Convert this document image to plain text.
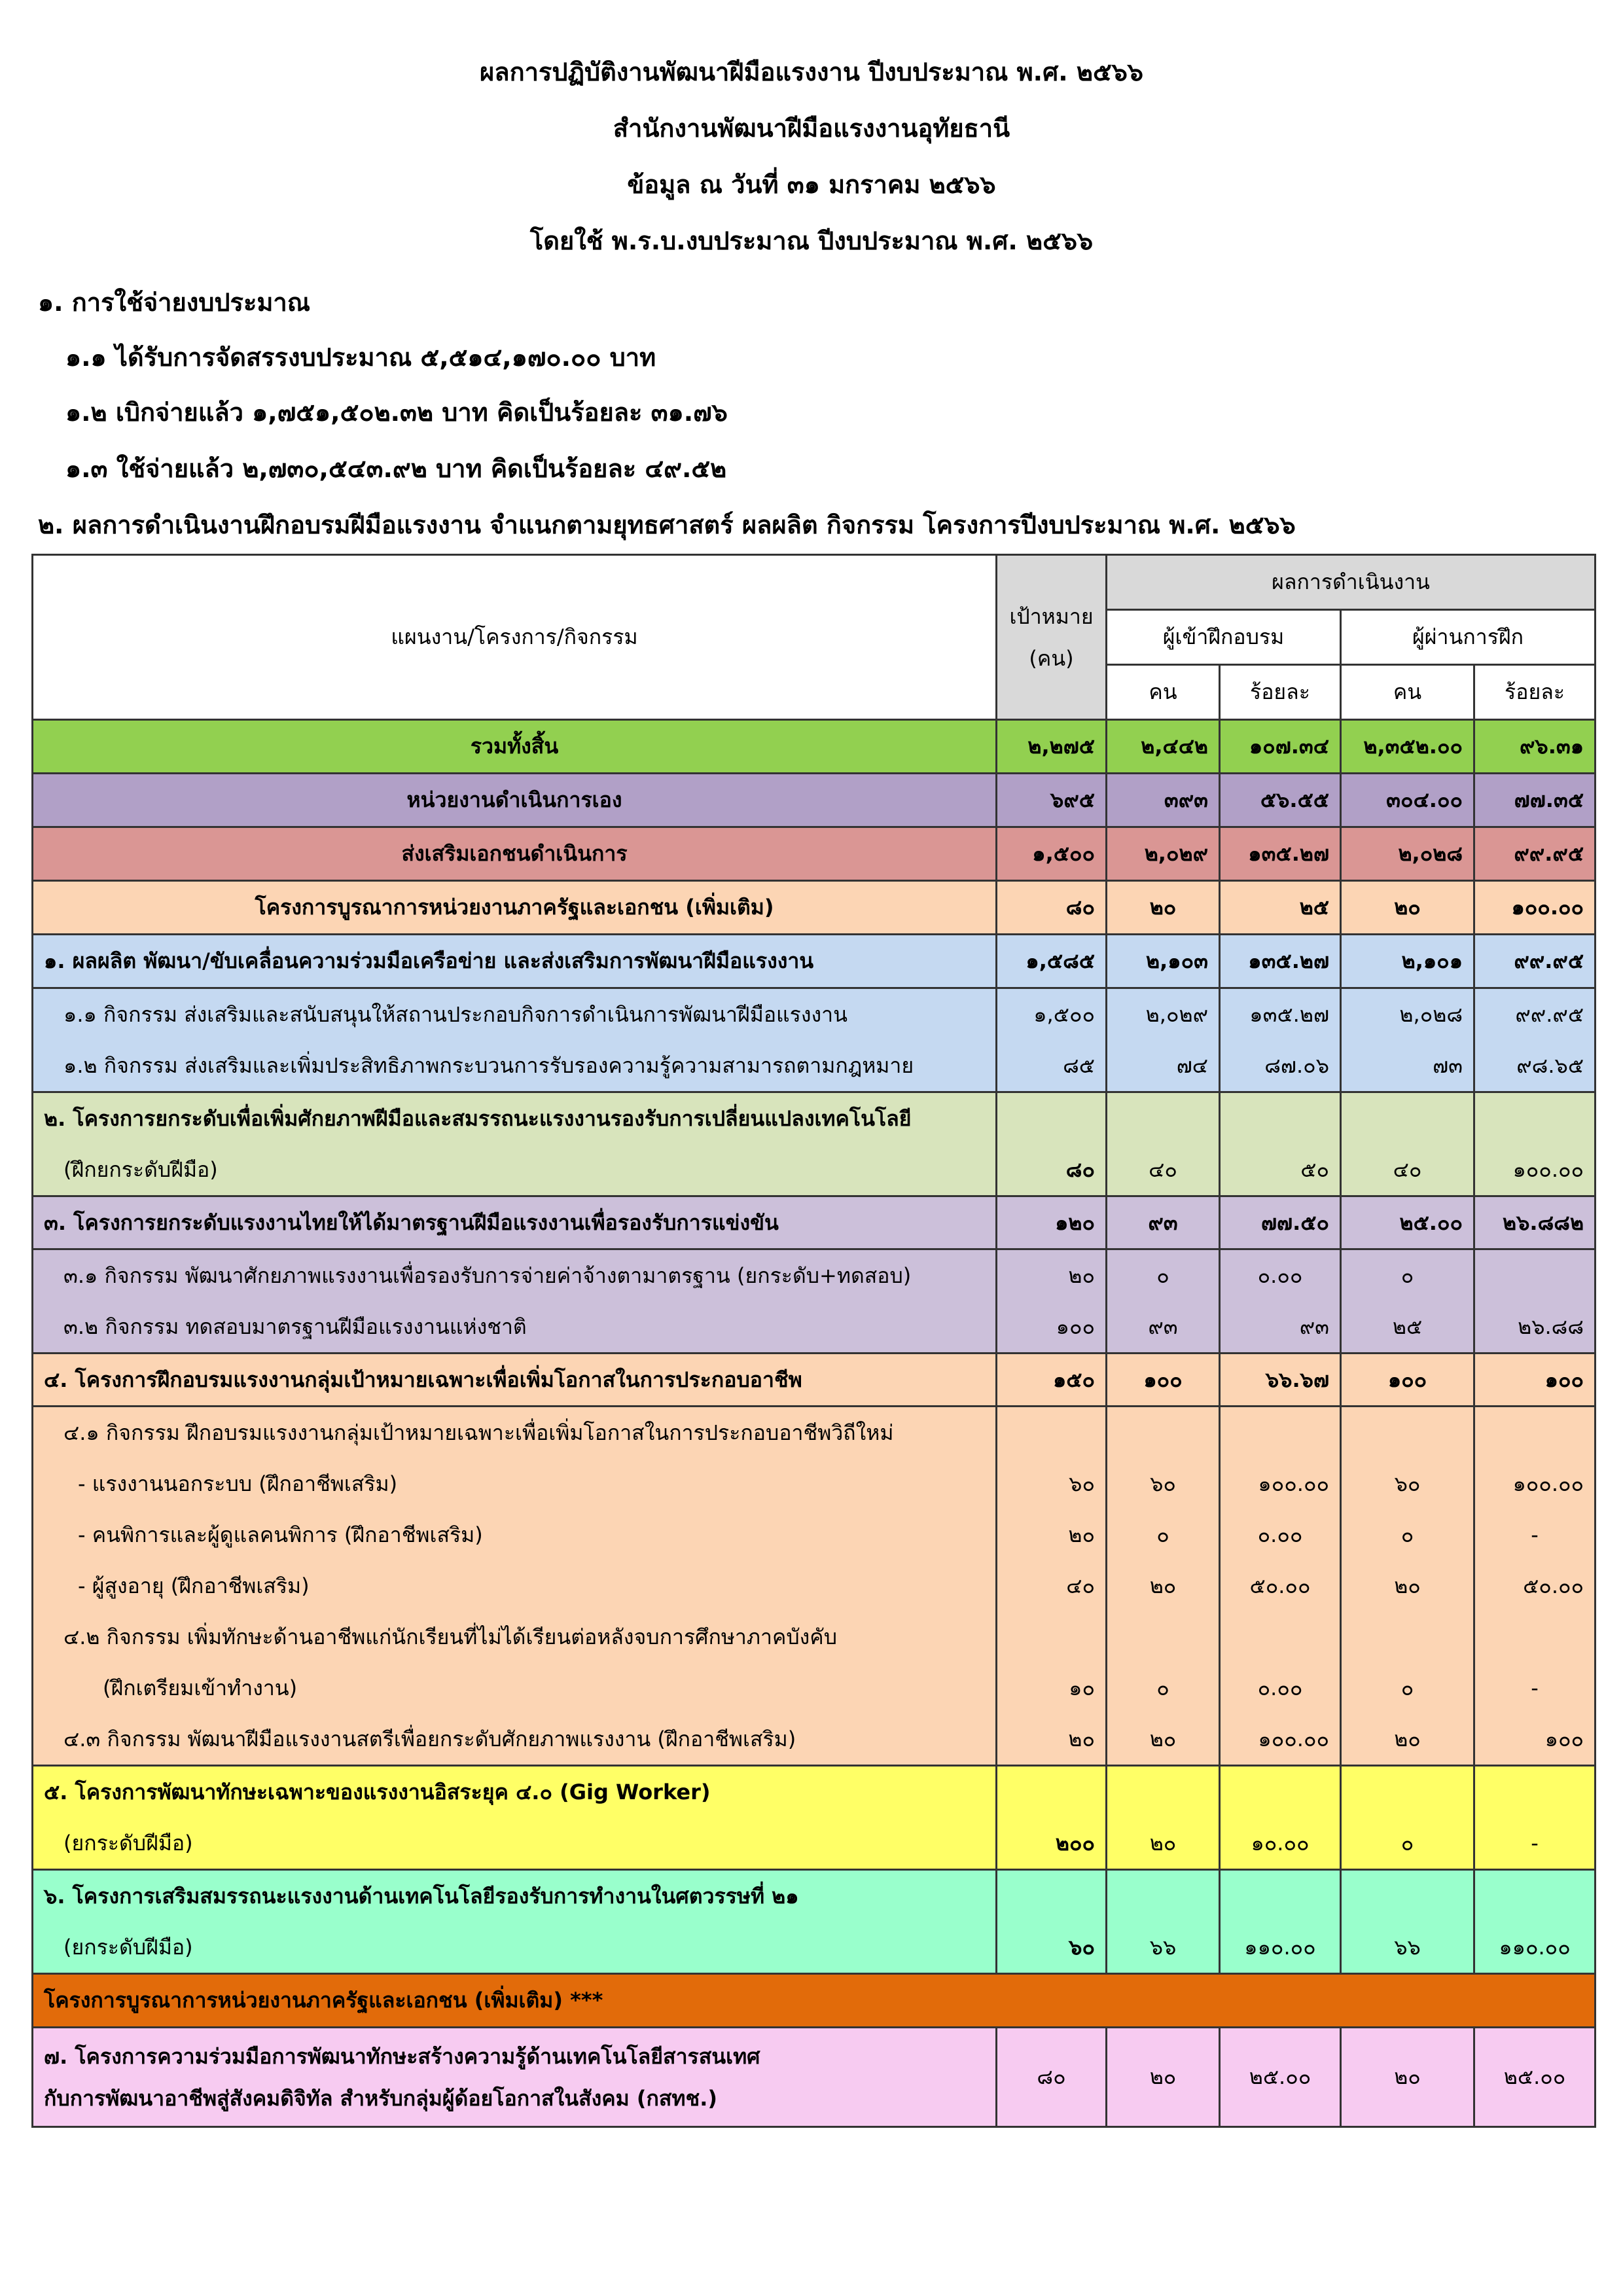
ผลการปฏิบัติงานพัฒนาฝีมือแรงงาน ปีงบประมาณ พ.ศ. ๒๕๖๖
สำนักงานพัฒนาฝีมือแรงงานอุทัยธานี
ข้อมูล ณ วันที่ ๓๑ มกราคม ๒๕๖๖
โดยใช้ พ.ร.บ.งบประมาณ ปีงบประมาณ พ.ศ. ๒๕๖๖
๑. การใช้จ่ายงบประมาณ
๑.๑ ได้รับการจัดสรรงบประมาณ ๕,๕๑๔,๑๗๐.๐๐ บาท
๑.๒ เบิกจ่ายแล้ว ๑,๗๕๑,๕๐๒.๓๒ บาท คิดเป็นร้อยละ ๓๑.๗๖
๑.๓ ใช้จ่ายแล้ว ๒,๗๓๐,๕๔๓.๙๒ บาท คิดเป็นร้อยละ ๔๙.๕๒
๒. ผลการดำเนินงานฝึกอบรมฝีมือแรงงาน จำแนกตามยุทธศาสตร์ ผลผลิต กิจกรรม โครงการปีงบประมาณ พ.ศ. ๒๕๖๖
แผนงาน/โครงการ/กิจกรรม	เป้าหมาย
(คน)	ผลการดำเนินงาน			
		ผู้เข้าฝึกอบรม		ผู้ผ่านการฝึก	
		คน	ร้อยละ	คน	ร้อยละ
รวมทั้งสิ้น	๒,๒๗๕	๒,๔๔๒	๑๐๗.๓๔	๒,๓๕๒.๐๐	๙๖.๓๑
หน่วยงานดำเนินการเอง	๖๙๕	๓๙๓	๕๖.๕๕	๓๐๔.๐๐	๗๗.๓๕
ส่งเสริมเอกชนดำเนินการ	๑,๕๐๐	๒,๐๒๙	๑๓๕.๒๗	๒,๐๒๘	๙๙.๙๕
โครงการบูรณาการหน่วยงานภาครัฐและเอกชน (เพิ่มเติม)	๘๐	๒๐	๒๕	๒๐	๑๐๐.๐๐
๑. ผลผลิต พัฒนา/ขับเคลื่อนความร่วมมือเครือข่าย และส่งเสริมการพัฒนาฝีมือแรงงาน	๑,๕๘๕	๒,๑๐๓	๑๓๕.๒๗	๒,๑๐๑	๙๙.๙๕
๑.๑ กิจกรรม ส่งเสริมและสนับสนุนให้สถานประกอบกิจการดำเนินการพัฒนาฝีมือแรงงาน	๑,๕๐๐	๒,๐๒๙	๑๓๕.๒๗	๒,๐๒๘	๙๙.๙๕
๑.๒ กิจกรรม ส่งเสริมและเพิ่มประสิทธิภาพกระบวนการรับรองความรู้ความสามารถตามกฎหมาย	๘๕	๗๔	๘๗.๐๖	๗๓	๙๘.๖๕
๒. โครงการยกระดับเพื่อเพิ่มศักยภาพฝีมือและสมรรถนะแรงงานรองรับการเปลี่ยนแปลงเทคโนโลยี					
(ฝึกยกระดับฝีมือ)	๘๐	๔๐	๕๐	๔๐	๑๐๐.๐๐
๓. โครงการยกระดับแรงงานไทยให้ได้มาตรฐานฝีมือแรงงานเพื่อรองรับการแข่งขัน	๑๒๐	๙๓	๗๗.๕๐	๒๕.๐๐	๒๖.๘๘๒
๓.๑ กิจกรรม พัฒนาศักยภาพแรงงานเพื่อรองรับการจ่ายค่าจ้างตามาตรฐาน (ยกระดับ+ทดสอบ)	๒๐	๐	๐.๐๐	๐	
๓.๒ กิจกรรม ทดสอบมาตรฐานฝีมือแรงงานแห่งชาติ	๑๐๐	๙๓	๙๓	๒๕	๒๖.๘๘
๔. โครงการฝึกอบรมแรงงานกลุ่มเป้าหมายเฉพาะเพื่อเพิ่มโอกาสในการประกอบอาชีพ	๑๕๐	๑๐๐	๖๖.๖๗	๑๐๐	๑๐๐
๔.๑ กิจกรรม ฝึกอบรมแรงงานกลุ่มเป้าหมายเฉพาะเพื่อเพิ่มโอกาสในการประกอบอาชีพวิถีใหม่					
- แรงงานนอกระบบ (ฝึกอาชีพเสริม)	๖๐	๖๐	๑๐๐.๐๐	๖๐	๑๐๐.๐๐
- คนพิการและผู้ดูแลคนพิการ (ฝึกอาชีพเสริม)	๒๐	๐	๐.๐๐	๐	-
- ผู้สูงอายุ (ฝึกอาชีพเสริม)	๔๐	๒๐	๕๐.๐๐	๒๐	๕๐.๐๐
๔.๒ กิจกรรม เพิ่มทักษะด้านอาชีพแก่นักเรียนที่ไม่ได้เรียนต่อหลังจบการศึกษาภาคบังคับ					
(ฝึกเตรียมเข้าทำงาน)	๑๐	๐	๐.๐๐	๐	-
๔.๓ กิจกรรม พัฒนาฝีมือแรงงานสตรีเพื่อยกระดับศักยภาพแรงงาน (ฝึกอาชีพเสริม)	๒๐	๒๐	๑๐๐.๐๐	๒๐	๑๐๐
๕. โครงการพัฒนาทักษะเฉพาะของแรงงานอิสระยุค ๔.๐ (Gig Worker)					
(ยกระดับฝีมือ)	๒๐๐	๒๐	๑๐.๐๐	๐	-
๖. โครงการเสริมสมรรถนะแรงงานด้านเทคโนโลยีรองรับการทำงานในศตวรรษที่ ๒๑					
(ยกระดับฝีมือ)	๖๐	๖๖	๑๑๐.๐๐	๖๖	๑๑๐.๐๐
โครงการบูรณาการหน่วยงานภาครัฐและเอกชน (เพิ่มเติม) ***					
๗. โครงการความร่วมมือการพัฒนาทักษะสร้างความรู้ด้านเทคโนโลยีสารสนเทศ
กับการพัฒนาอาชีพสู่สังคมดิจิทัล สำหรับกลุ่มผู้ด้อยโอกาสในสังคม (กสทช.)	๘๐	๒๐	๒๕.๐๐	๒๐	๒๕.๐๐
